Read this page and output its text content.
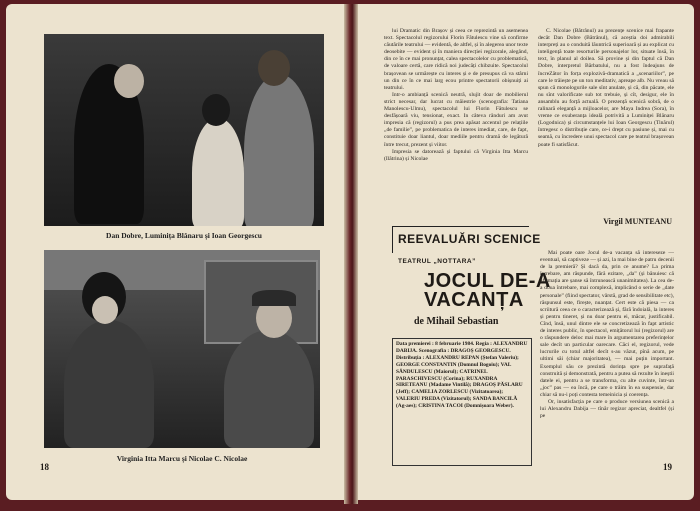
Dan Dobre, Luminița Blănaru și Ioan Georgescu
Virginia Itta Marcu și Nicolae C. Nicolae
18

lui Dramatic din Brașov și ceea ce reprezintă un asemenea text. Spectacolul regizorului Florin Fătulescu vine să confirme căutările teatrului — evidentă, de altfel, și în alegerea unor texte deosebite — evident și în maniera direcției regizorale, alegând, din ce în ce mai pronunțat, calea spectacolelor cu problematică, de valoare certă, care ridică noi judecăți chibzuite. Spectacolul brașovean se urmărește cu interes și e de presupus că va stârni un din ce în ce mai larg ecou printre spectatorii obișnuiți ai teatrului.

Intr-o ambianță scenică neutră, slujit doar de mobilierul strict necesar, dar lucrat cu măiestrie (scenografia: Tatiana Manolescu-Ulmu), spectacolul lui Florin Fătulescu se desfășoară viu, tensionat, exact. In câteva rânduri am avut impresia că (regizorul) a pus prea apăsat accentul pe relațiile „de familie”, pe problematica de interes imediat, care, de fapt, constituie doar liantul, doar mediile pentru dramă de legătură între trecut, prezent și viitor.

Impresia se datorează și faptului că Virginia Itta Marcu (Ilătrina) și Nicolae

C. Nicolae (Bătrânul) au prezențe scenice mai frapante decât Dan Dobre (Bătrânul), că aceștia doi admirabili interpreți au o conduită lăuntrică superioară și au explicat cu inteligență toate resorturile personajelor lor, situate însă, în text, în planul al doilea. Să provine și din faptul că Dan Dobre, interpretul Bărbatului, nu a fost îndeajuns de încreZător în forța explozivă-dramatică a „scenariilor”, pe care le trăiește pe un ton meditativ, apreape alb. Nu vreau să spun că monologurile sale sînt anulate, și că, din păcate, ele nu sînt valorificate sub tot trebuie, și cît, desigur, ele în ansamblu au forță actuală. O prezență scenică sobră, de o ralinară eleganță a mijloacelor, are Maya Indrea (Sora), în vreme ce exuberanța ideală potrivită a Luminiței Blănaru (Logodnica) și circumstanțele lui Ioan Georgescu (Tinărul) întregesc o distribuție care, ce-i drept cu pasiune și, mai cu seamă, cu încredere unui spectacol care pe teatrul brașovean poate fi satisfăcut.

Virgil MUNTEANU
REEVALUĂRI SCENICE
TEATRUL „NOTTARA”
JOCUL DE-A
VACANȚA
de Mihail Sebastian
Data premierei : 8 februarie 1984. Regia : ALEXANDRU DABIJA. Scenografia : DRAGOȘ GEORGESCU. Distribuția : ALEXANDRU REPAN (Ștefan Valeriu); GEORGE CONSTANTIN (Domnul Bogoiu); VAL SĂNDULESCU (Maiorul); CATRINEL PARASCHIVESCU (Corina); RUXANDRA SIRETEANU (Madame Vintilă); DRAGOȘ PĂSLARU (Jeff); CAMELIA ZORLESCU (Vizitatoarea); VALERIU PREDA (Vizitatorul); SANDA BANCILĂ (Ag-aes); CRISTINA TACOI (Domnișoara Weber).

Mai poate oare Jocul de-a vacanța să intereseze — eventual, să captiveze — și azi, la mai bine de patru decenii de la premieră? Și dacă da, prin ce anume? La prima întrebare, am răspunde, fără ezitare, „da” (și bănuiesc că afirmația are șanse să întrunească unanimitatea). La cea de-a doua întrebare, mai complexă, implicând o serie de „date personale” (fiind spectator, vârstă, grad de sensibilitate etc), răspunsul este, firește, nuanțat. Cert este că piesa — ca scriitură ceea ce o caracterizează și, fără îndoială, la interes și pentru tineret, și nu doar pentru ei, măcar, justificabil. Cînd, însă, unul dintre ele se concretizează în fapt artistic de interes public, în spectacol, emițătorul lui (regizorul) are o răspundere deloc mai mare în argumentarea preferințelor sale decît un particular oarecare. Căci el, regizorul, vede lucrurile cu totul altfel decît s-au văzut, pînă acum, pe ultimi săi (chiar majoritatea), — mai puțin important. Exemplul său ce prezintă dorința spre pe suprafață construită și demonstrată, pentru a putea să rezulte în ineștii datele ei, pentru a se transforma, cu alte cuvinte, într-un „joc” pas — ea încă, pe care o trăim în ea suspensie, dar chiar să nu-i poți contesta temeinicia și coerența.

Or, insatisfacția pe care o produce versiunea scenică a lui Alexandru Dabija — tînăr regizor apreciat, dealtfel (și pe

19
